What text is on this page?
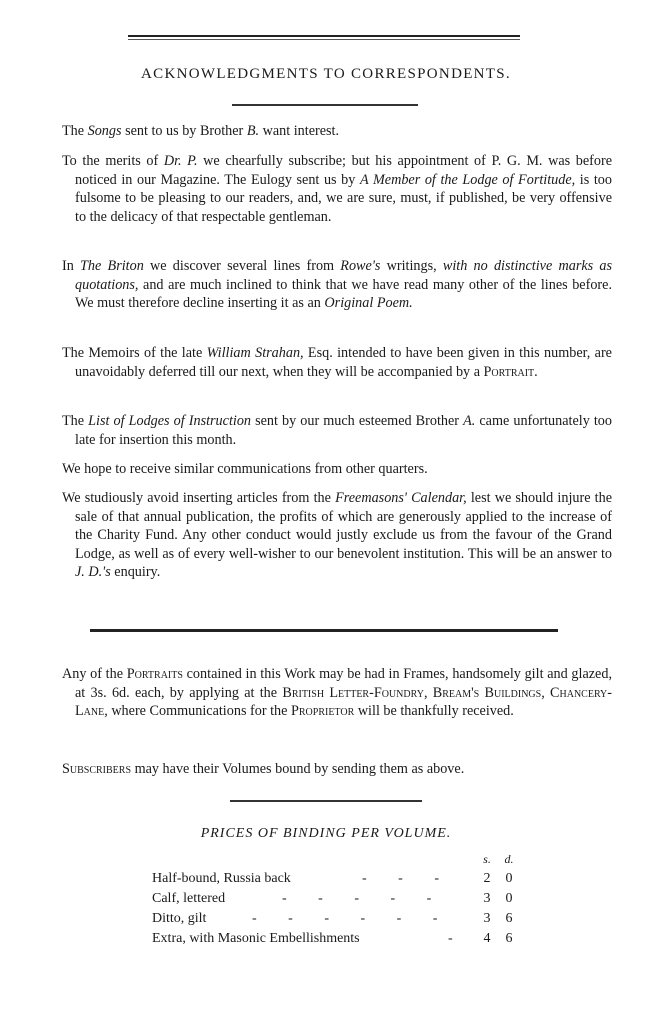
ACKNOWLEDGMENTS TO CORRESPONDENTS.
The Songs sent to us by Brother B. want interest.
To the merits of Dr. P. we chearfully subscribe; but his appointment of P. G. M. was before noticed in our Magazine. The Eulogy sent us by A Member of the Lodge of Fortitude, is too fulsome to be pleasing to our readers, and, we are sure, must, if published, be very offensive to the delicacy of that respectable gentleman.
In The Briton we discover several lines from Rowe's writings, with no distinctive marks as quotations, and are much inclined to think that we have read many other of the lines before. We must therefore decline inserting it as an Original Poem.
The Memoirs of the late William Strahan, Esq. intended to have been given in this number, are unavoidably deferred till our next, when they will be accompanied by a Portrait.
The List of Lodges of Instruction sent by our much esteemed Brother A. came unfortunately too late for insertion this month.
We hope to receive similar communications from other quarters.
We studiously avoid inserting articles from the Freemasons' Calendar, lest we should injure the sale of that annual publication, the profits of which are generously applied to the increase of the Charity Fund. Any other conduct would justly exclude us from the favour of the Grand Lodge, as well as of every well-wisher to our benevolent institution. This will be an answer to J. D.'s enquiry.
Any of the Portraits contained in this Work may be had in Frames, handsomely gilt and glazed, at 3s. 6d. each, by applying at the British Letter-Foundry, Bream's Buildings, Chancery-Lane, where Communications for the Proprietor will be thankfully received.
Subscribers may have their Volumes bound by sending them as above.
PRICES OF BINDING PER VOLUME.
s. d.
Half-bound, Russia back	- - - 2 0
Calf, lettered	- - - - -	3 0
Ditto, gilt	- - - - - - 3 6
Extra, with Masonic Embellishments	- 4 6
